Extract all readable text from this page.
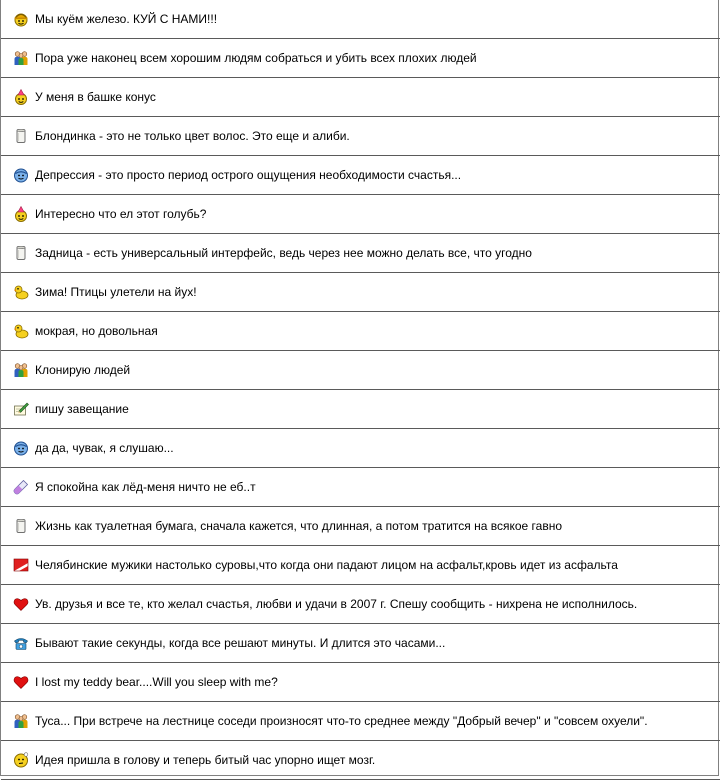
Мы куём железо. КУЙ С НАМИ!!!
Пора уже наконец всем хорошим людям собраться и убить всех плохих людей
У меня в башке конус
Блондинка - это не только цвет волос. Это еще и алиби.
Депрессия - это просто период острого ощущения необходимости счастья...
Интересно что ел этот голубь?
Задница - есть универсальный интерфейс, ведь через нее можно делать все, что угодно
Зима! Птицы улетели на йух!
мокрая, но довольная
Клонирую людей
пишу завещание
да да, чувак, я слушаю...
Я спокойна как лёд-меня ничто не еб..т
Жизнь как туалетная бумага, сначала кажется, что длинная, а потом тратится на всякое гавно
Челябинские мужики настолько суровы,что когда они падают лицом на асфальт,кровь идет из асфальта
Ув. друзья и все те, кто желал счастья, любви и удачи в 2007 г. Спешу сообщить - нихрена не исполнилось.
Бывают такие секунды, когда все решают минуты. И длится это часами...
I lost my teddy bear....Will you sleep with me?
Туса... При встрече на лестнице соседи произносят что-то среднее между "Добрый вечер" и "совсем охуели".
Идея пришла в голову и теперь битый час упорно ищет мозг.
